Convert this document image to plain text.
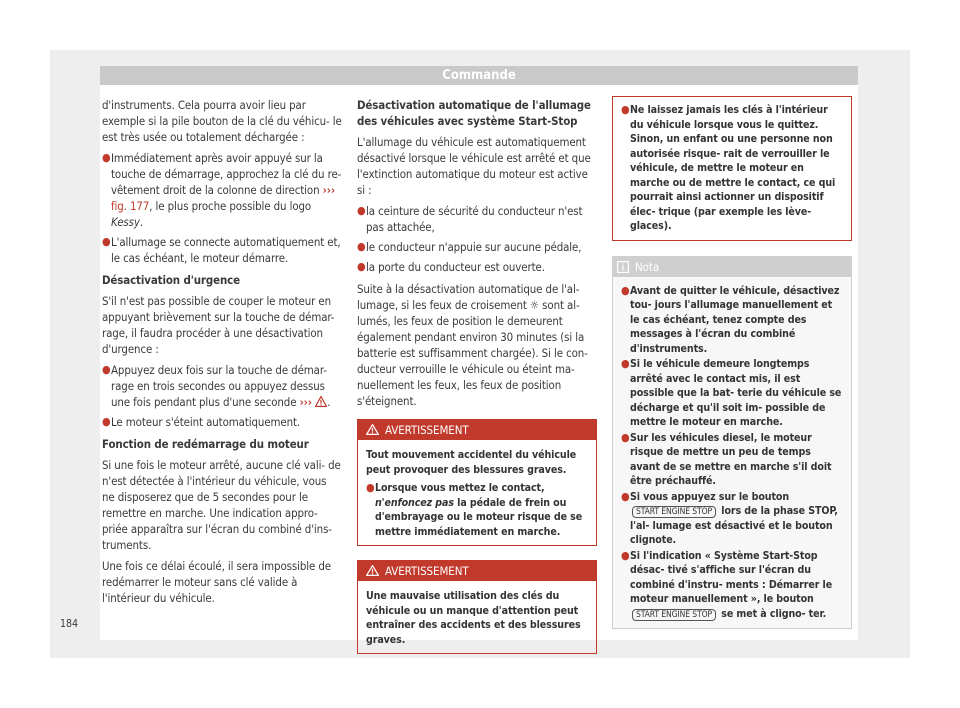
Commande

d'instruments. Cela pourra avoir lieu par exemple si la pile bouton de la clé du véhicu- le est très usée ou totalement déchargée :

● Immédiatement après avoir appuyé sur la touche de démarrage, approchez la clé du re- vêtement droit de la colonne de direction ››› fig. 177, le plus proche possible du logo Kessy.
● L'allumage se connecte automatiquement et, le cas échéant, le moteur démarre.

Désactivation d'urgence

S'il n'est pas possible de couper le moteur en appuyant brièvement sur la touche de démar- rage, il faudra procéder à une désactivation d'urgence :

● Appuyez deux fois sur la touche de démar- rage en trois secondes ou appuyez dessus une fois pendant plus d'une seconde ››› .
● Le moteur s'éteint automatiquement.

Fonction de redémarrage du moteur

Si une fois le moteur arrêté, aucune clé vali- de n'est détectée à l'intérieur du véhicule, vous ne disposerez que de 5 secondes pour le remettre en marche. Une indication appro- priée apparaîtra sur l'écran du combiné d'ins- truments.

Une fois ce délai écoulé, il sera impossible de redémarrer le moteur sans clé valide à l'intérieur du véhicule.

Désactivation automatique de l'allumage des véhicules avec système Start-Stop

L'allumage du véhicule est automatiquement désactivé lorsque le véhicule est arrêté et que l'extinction automatique du moteur est active si :

● la ceinture de sécurité du conducteur n'est pas attachée,
● le conducteur n'appuie sur aucune pédale,
● la porte du conducteur est ouverte.

Suite à la désactivation automatique de l'al- lumage, si les feux de croisement ☼ sont al- lumés, les feux de position le demeurent également pendant environ 30 minutes (si la batterie est suffisamment chargée). Si le con- ducteur verrouille le véhicule ou éteint ma- nuellement les feux, les feux de position s'éteignent.

AVERTISSEMENT

Tout mouvement accidentel du véhicule peut provoquer des blessures graves.

● Lorsque vous mettez le contact, n'enfoncez pas la pédale de frein ou d'embrayage ou le moteur risque de se mettre immédiatement en marche.
AVERTISSEMENT

Une mauvaise utilisation des clés du véhicule ou un manque d'attention peut entraîner des accidents et des blessures graves.

● Ne laissez jamais les clés à l'intérieur du véhicule lorsque vous le quittez. Sinon, un enfant ou une personne non autorisée risque- rait de verrouiller le véhicule, de mettre le moteur en marche ou de mettre le contact, ce qui pourrait ainsi actionner un dispositif élec- trique (par exemple les lève-glaces).
Nota
● Avant de quitter le véhicule, désactivez tou- jours l'allumage manuellement et le cas échéant, tenez compte des messages à l'écran du combiné d'instruments.
● Si le véhicule demeure longtemps arrêté avec le contact mis, il est possible que la bat- terie du véhicule se décharge et qu'il soit im- possible de mettre le moteur en marche.
● Sur les véhicules diesel, le moteur risque de mettre un peu de temps avant de se mettre en marche s'il doit être préchauffé.
● Si vous appuyez sur le bouton START ENGINE STOP lors de la phase STOP, l'al- lumage est désactivé et le bouton clignote.
● Si l'indication « Système Start-Stop désac- tivé s'affiche sur l'écran du combiné d'instru- ments : Démarrer le moteur manuellement », le bouton START ENGINE STOP se met à cligno- ter.
184
